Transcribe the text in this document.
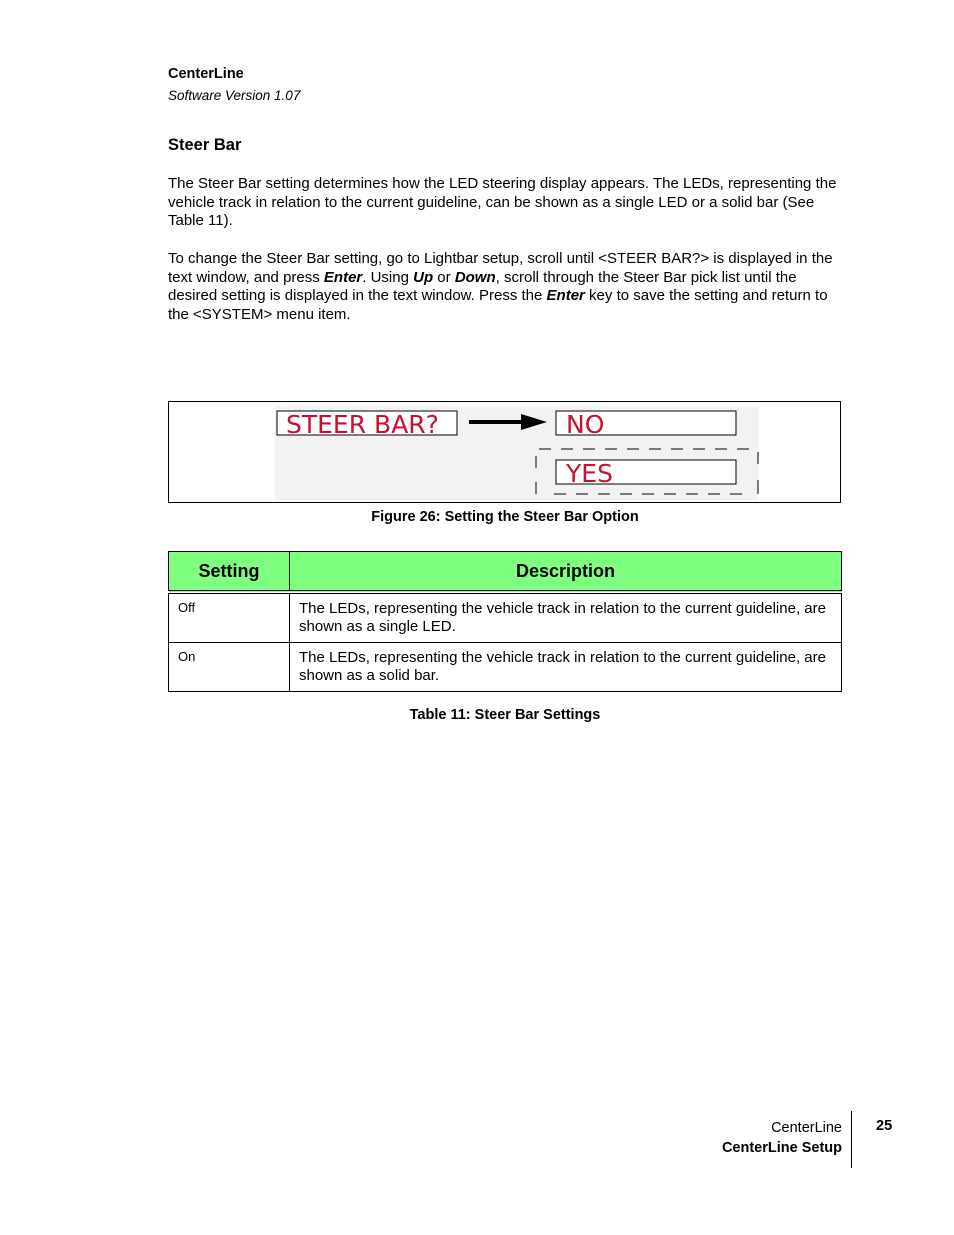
CenterLine
Software Version 1.07
Steer Bar
The Steer Bar setting determines how the LED steering display appears. The LEDs, representing the vehicle track in relation to the current guideline, can be shown as a single LED or a solid bar (See Table 11).
To change the Steer Bar setting, go to Lightbar setup, scroll until <STEER BAR?> is displayed in the text window, and press Enter. Using Up or Down, scroll through the Steer Bar pick list until the desired setting is displayed in the text window. Press the Enter key to save the setting and return to the <SYSTEM> menu item.
STEER BAR?	NO
YES
Figure 26: Setting the Steer Bar Option
Setting	Description
Off	The LEDs, representing the vehicle track in relation to the current guideline, are shown as a single LED.
On	The LEDs, representing the vehicle track in relation to the current guideline, are shown as a solid bar.
Table 11: Steer Bar Settings
CenterLine
CenterLine Setup
25
